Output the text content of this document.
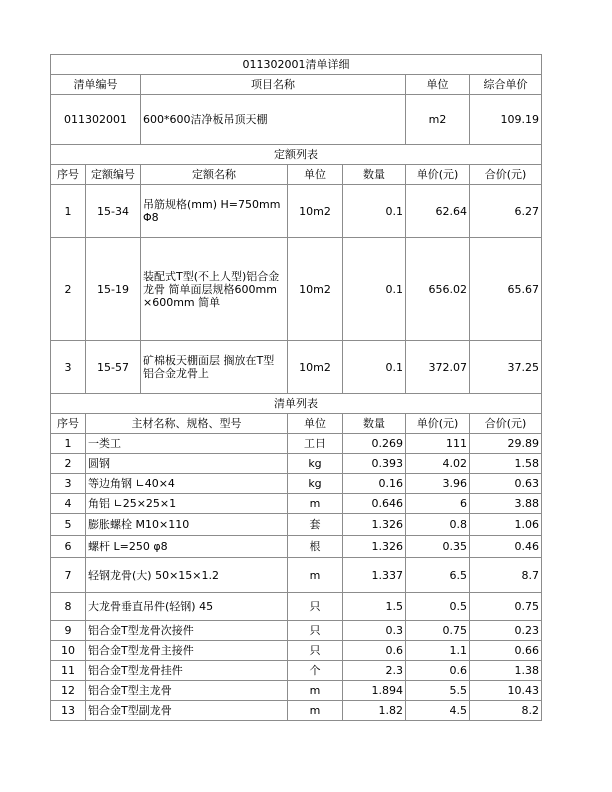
011302001清单详细						
清单编号		项目名称			单位	综合单价
011302001		600*600洁净板吊顶天棚			m2	109.19
定额列表						
序号	定额编号	定额名称	单位	数量	单价(元)	合价(元)
1	15-34	吊筋规格(mm) H=750mm Φ8	10m2	0.1	62.64	6.27
2	15-19	装配式T型(不上人型)铝合金龙骨 简单面层规格600mm×600mm 简单	10m2	0.1	656.02	65.67
3	15-57	矿棉板天棚面层 搁放在T型铝合金龙骨上	10m2	0.1	372.07	37.25
清单列表						
序号	主材名称、规格、型号		单位	数量	单价(元)	合价(元)
1	一类工		工日	0.269	111	29.89
2	圆钢		kg	0.393	4.02	1.58
3	等边角钢 ∟40×4		kg	0.16	3.96	0.63
4	角铝 ∟25×25×1		m	0.646	6	3.88
5	膨胀螺栓 M10×110		套	1.326	0.8	1.06
6	螺杆 L=250 φ8		根	1.326	0.35	0.46
7	轻钢龙骨(大) 50×15×1.2		m	1.337	6.5	8.7
8	大龙骨垂直吊件(轻钢) 45		只	1.5	0.5	0.75
9	铝合金T型龙骨次接件		只	0.3	0.75	0.23
10	铝合金T型龙骨主接件		只	0.6	1.1	0.66
11	铝合金T型龙骨挂件		个	2.3	0.6	1.38
12	铝合金T型主龙骨		m	1.894	5.5	10.43
13	铝合金T型副龙骨		m	1.82	4.5	8.2
